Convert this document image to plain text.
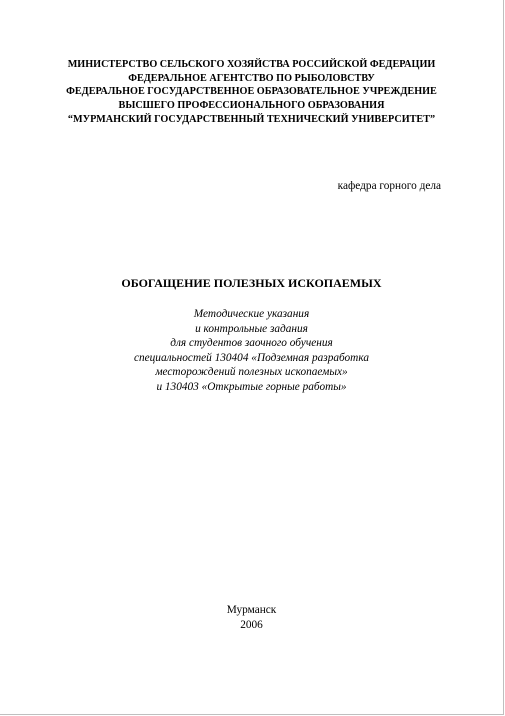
МИНИСТЕРСТВО СЕЛЬСКОГО ХОЗЯЙСТВА РОССИЙСКОЙ ФЕДЕРАЦИИ
ФЕДЕРАЛЬНОЕ АГЕНТСТВО ПО РЫБОЛОВСТВУ
ФЕДЕРАЛЬНОЕ ГОСУДАРСТВЕННОЕ ОБРАЗОВАТЕЛЬНОЕ УЧРЕЖДЕНИЕ
ВЫСШЕГО ПРОФЕССИОНАЛЬНОГО ОБРАЗОВАНИЯ
“МУРМАНСКИЙ ГОСУДАРСТВЕННЫЙ ТЕХНИЧЕСКИЙ УНИВЕРСИТЕТ”
кафедра горного дела
ОБОГАЩЕНИЕ ПОЛЕЗНЫХ ИСКОПАЕМЫХ
Методические указания
и контрольные задания
для студентов заочного обучения
специальностей 130404 «Подземная разработка
месторождений полезных ископаемых»
и 130403 «Открытые горные работы»
Мурманск
2006
